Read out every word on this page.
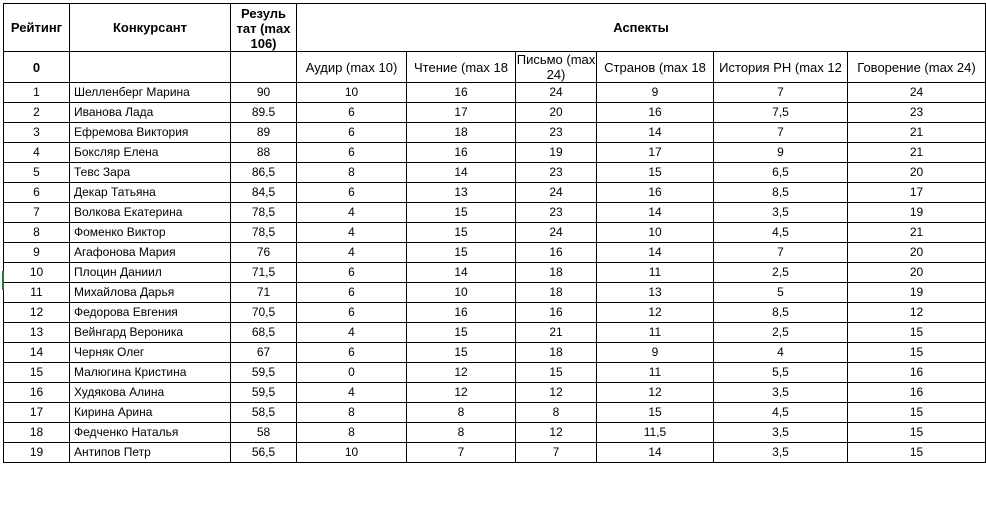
Рейтинг	Конкурсант	Резуль тат (max 106)	Аспекты					
0			Аудир (max 10)	Чтение (max 18	Письмо (max 24)	Странов (max 18	История РН (max 12	Говорение (max 24)
1	Шелленберг Марина	90	10	16	24	9	7	24
2	Иванова Лада	89.5	6	17	20	16	7,5	23
3	Ефремова Виктория	89	6	18	23	14	7	21
4	Боксляр Елена	88	6	16	19	17	9	21
5	Тевс Зара	86,5	8	14	23	15	6,5	20
6	Декар Татьяна	84,5	6	13	24	16	8,5	17
7	Волкова Екатерина	78,5	4	15	23	14	3,5	19
8	Фоменко Виктор	78,5	4	15	24	10	4,5	21
9	Агафонова Мария	76	4	15	16	14	7	20
10	Плоцин Даниил	71,5	6	14	18	11	2,5	20
11	Михайлова Дарья	71	6	10	18	13	5	19
12	Федорова Евгения	70,5	6	16	16	12	8,5	12
13	Вейнгард Вероника	68,5	4	15	21	11	2,5	15
14	Черняк Олег	67	6	15	18	9	4	15
15	Малюгина Кристина	59,5	0	12	15	11	5,5	16
16	Худякова Алина	59,5	4	12	12	12	3,5	16
17	Кирина Арина	58,5	8	8	8	15	4,5	15
18	Федченко Наталья	58	8	8	12	11,5	3,5	15
19	Антипов Петр	56,5	10	7	7	14	3,5	15
